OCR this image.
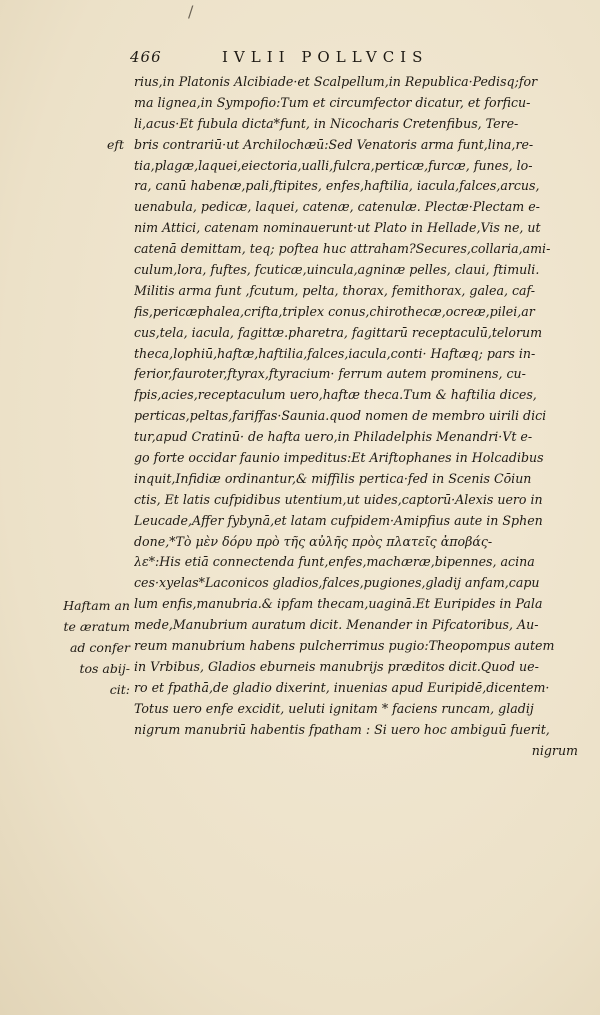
/
466	IVLII POLLVCIS
eft
Haftam an
te æratum
ad confer
tos abij-
cit:
rius,in Platonis Alcibiade·et Scalpellum,in Republica·Pedisq;for
ma lignea,in Sympofio:Tum et circumfector dicatur, et forficu-
li,acus·Et fubula dicta*funt, in Nicocharis Cretenfibus, Tere-
bris contrariū·ut Archilochæū:Sed Venatoris arma funt,lina,re-
tia,plagæ,laquei,eiectoria,ualli,fulcra,perticæ,furcæ, funes, lo-
ra, canū habenæ,pali,ftipites, enfes,haftilia, iacula,falces,arcus,
uenabula, pedicæ, laquei, catenæ, catenulæ. Plectæ·Plectam e-
nim Attici, catenam nominauerunt·ut Plato in Hellade,Vis ne, ut
catenā demittam, teq; poftea huc attraham?Secures,collaria,ami-
culum,lora, fuftes, fcuticæ,uincula,agninæ pelles, claui, ftimuli.
Militis arma funt ,fcutum, pelta, thorax, femithorax, galea, caf-
fis,pericæphalea,crifta,triplex conus,chirothecæ,ocreæ,pilei,ar
cus,tela, iacula, fagittæ.pharetra, fagittarū receptaculū,telorum
theca,lophiū,haftæ,haftilia,falces,iacula,conti· Haftæq; pars in-
ferior,fauroter,ftyrax,ftyracium· ferrum autem prominens, cu-
fpis,acies,receptaculum uero,haftæ theca.Tum & haftilia dices,
perticas,peltas,fariffas·Saunia.quod nomen de membro uirili dici
tur,apud Cratinū· de hafta uero,in Philadelphis Menandri·Vt e-
go forte occidar faunio impeditus:Et Ariftophanes in Holcadibus
inquit,Infidiæ ordinantur,& miffilis pertica·fed in Scenis Cōiun
ctis, Et latis cufpidibus utentium,ut uides,captorū·Alexis uero in
Leucade,Affer fybynā,et latam cufpidem·Amipfius aute in Sphen
done,*Τὸ μὲν δόρυ πρὸ τῆς αὐλῆς πρὸς πλατεῖς ἀποβάς-
λε*:His etiā connectenda funt,enfes,machæræ,bipennes, acina
ces·xyelas*Laconicos gladios,falces,pugiones,gladij anfam,capu
lum enfis,manubria.& ipfam thecam,uaginā.Et Euripides in Pala
mede,Manubrium auratum dicit. Menander in Pifcatoribus, Au-
reum manubrium habens pulcherrimus pugio:Theopompus autem
in Vrbibus, Gladios eburneis manubrijs præditos dicit.Quod ue-
ro et fpathā,de gladio dixerint, inuenias apud Euripidē,dicentem·
Totus uero enfe excidit, ueluti ignitam * faciens runcam, gladij
nigrum manubriū habentis fpatham : Si uero hoc ambiguū fuerit,
nigrum
